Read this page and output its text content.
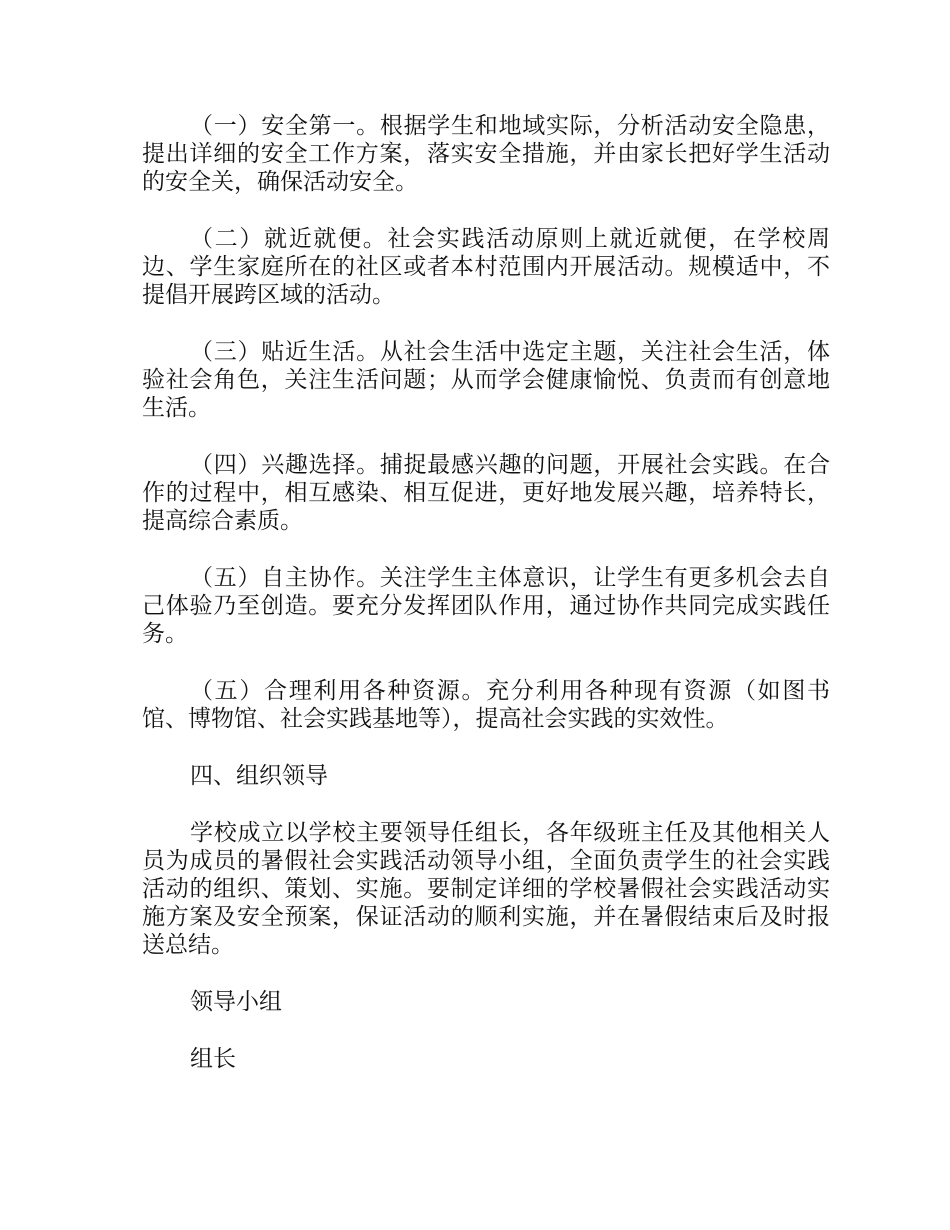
（一）安全第一。根据学生和地域实际，分析活动安全隐患，提出详细的安全工作方案，落实安全措施，并由家长把好学生活动的安全关，确保活动安全。

（二）就近就便。社会实践活动原则上就近就便，在学校周边、学生家庭所在的社区或者本村范围内开展活动。规模适中，不提倡开展跨区域的活动。

（三）贴近生活。从社会生活中选定主题，关注社会生活，体验社会角色，关注生活问题；从而学会健康愉悦、负责而有创意地生活。

（四）兴趣选择。捕捉最感兴趣的问题，开展社会实践。在合作的过程中，相互感染、相互促进，更好地发展兴趣，培养特长，提高综合素质。

（五）自主协作。关注学生主体意识，让学生有更多机会去自己体验乃至创造。要充分发挥团队作用，通过协作共同完成实践任务。

（五）合理利用各种资源。充分利用各种现有资源（如图书馆、博物馆、社会实践基地等），提高社会实践的实效性。

四、组织领导

学校成立以学校主要领导任组长，各年级班主任及其他相关人员为成员的暑假社会实践活动领导小组，全面负责学生的社会实践活动的组织、策划、实施。要制定详细的学校暑假社会实践活动实施方案及安全预案，保证活动的顺利实施，并在暑假结束后及时报送总结。

领导小组

组长
